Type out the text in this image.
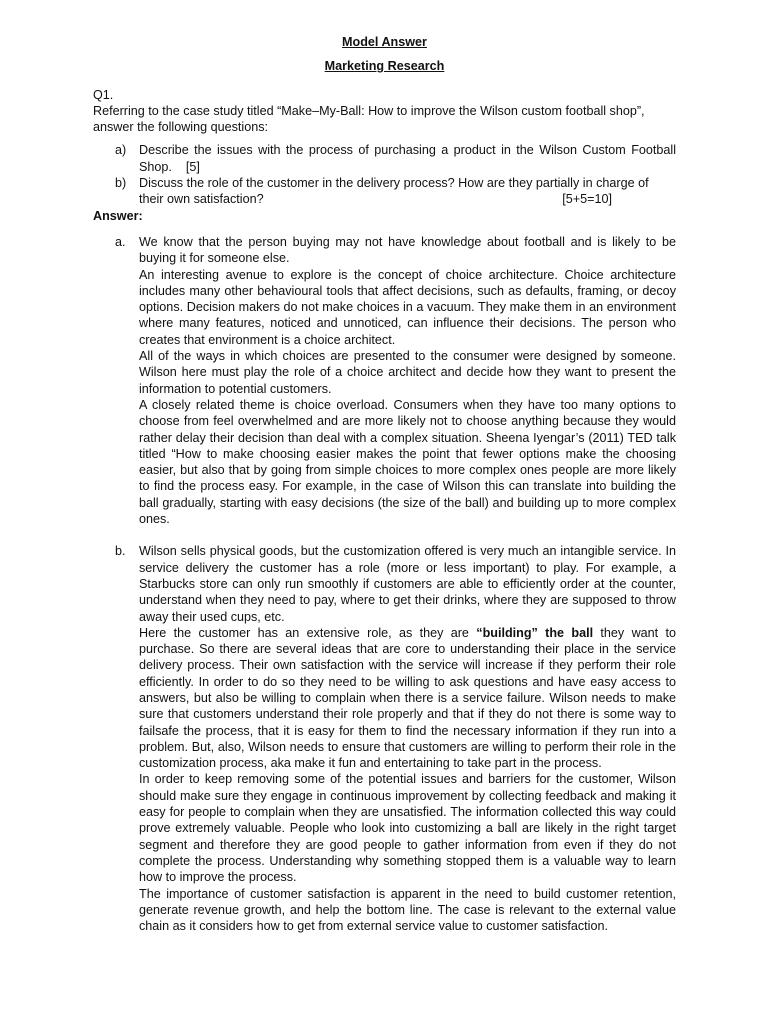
Model Answer
Marketing Research

Q1.

Referring to the case study titled “Make–My-Ball: How to improve the Wilson custom football shop”, answer the following questions:

a) Describe the issues with the process of purchasing a product in the Wilson Custom Football Shop. [5]
b) Discuss the role of the customer in the delivery process? How are they partially in charge of
their own satisfaction?	[5+5=10]

Answer:

a. We know that the person buying may not have knowledge about football and is likely to be buying it for someone else.

An interesting avenue to explore is the concept of choice architecture. Choice architecture includes many other behavioural tools that affect decisions, such as defaults, framing, or decoy options. Decision makers do not make choices in a vacuum. They make them in an environment where many features, noticed and unnoticed, can influence their decisions. The person who creates that environment is a choice architect.

All of the ways in which choices are presented to the consumer were designed by someone. Wilson here must play the role of a choice architect and decide how they want to present the information to potential customers.

A closely related theme is choice overload. Consumers when they have too many options to choose from feel overwhelmed and are more likely not to choose anything because they would rather delay their decision than deal with a complex situation. Sheena Iyengar’s (2011) TED talk titled “How to make choosing easier makes the point that fewer options make the choosing easier, but also that by going from simple choices to more complex ones people are more likely to find the process easy. For example, in the case of Wilson this can translate into building the ball gradually, starting with easy decisions (the size of the ball) and building up to more complex ones.

b. Wilson sells physical goods, but the customization offered is very much an intangible service. In service delivery the customer has a role (more or less important) to play. For example, a Starbucks store can only run smoothly if customers are able to efficiently order at the counter, understand when they need to pay, where to get their drinks, where they are supposed to throw away their used cups, etc.

Here the customer has an extensive role, as they are “building” the ball they want to purchase. So there are several ideas that are core to understanding their place in the service delivery process. Their own satisfaction with the service will increase if they perform their role efficiently. In order to do so they need to be willing to ask questions and have easy access to answers, but also be willing to complain when there is a service failure. Wilson needs to make sure that customers understand their role properly and that if they do not there is some way to failsafe the process, that it is easy for them to find the necessary information if they run into a problem. But, also, Wilson needs to ensure that customers are willing to perform their role in the customization process, aka make it fun and entertaining to take part in the process.

In order to keep removing some of the potential issues and barriers for the customer, Wilson should make sure they engage in continuous improvement by collecting feedback and making it easy for people to complain when they are unsatisfied. The information collected this way could prove extremely valuable. People who look into customizing a ball are likely in the right target segment and therefore they are good people to gather information from even if they do not complete the process. Understanding why something stopped them is a valuable way to learn how to improve the process.

The importance of customer satisfaction is apparent in the need to build customer retention, generate revenue growth, and help the bottom line. The case is relevant to the external value chain as it considers how to get from external service value to customer satisfaction.
